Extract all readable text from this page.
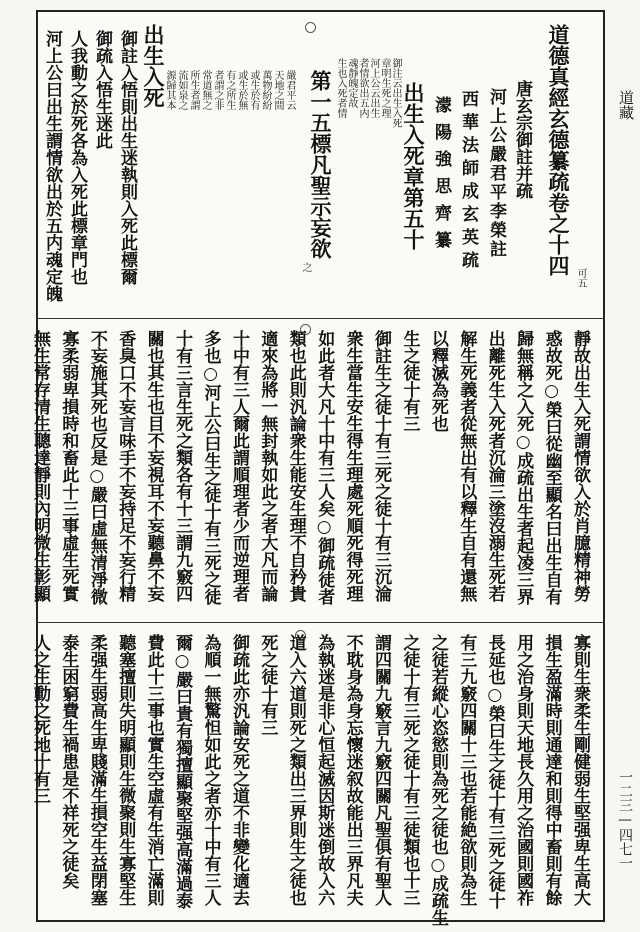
道藏
一二三—四七一
道德真經玄德纂疏卷之十四
可五
唐玄宗御註并疏
河上公嚴君平李榮註
西華法師成玄英疏
濛陽強思齊纂
出生入死章第五十
御注云出生入死
章明生死之理
河上公云出生
者情欲出五内
魂靜魄定故
生也入死者情
第一五標凡聖示妄欲
之
嚴君平云
天地之間
萬物紛紛
或生於有
或生於無
有之所生
者謂之非
常道無之
所生者謂
流如泉之
源歸其本
出生入死
御註入悟則出生迷執則入死此標爾
御疏入悟生迷此
人我動之於死各為入死此標章門也
河上公曰出生謂情欲出於五内魂定魄
靜故出生入死謂情欲入於肖臆精神勞
惑故死○榮曰從幽至顯名曰出生自有
歸無稱之入死○成疏出生者起凌三界
出離死生入死者沉淪三塗沒溺生死若
解生死義者從無出有以釋生自有還無
以釋滅為死也
生之徒十有三
御註生之徒十有三死之徒十有三沉淪
衆生當生安生得生理處死順死得死理
如此者大凡十中有三人矣○御疏徒者
類也此則汎論衆生能安生理不自矜貴
適來為將一無封執如此之者大凡而論
十中有三人爾此謂順理者少而逆理者
多也○河上公曰生之徒十有三死之徒
十有三言生死之類各有十三謂九竅四
關也其生也目不妄視耳不妄聽鼻不妄
香臭口不妄言味手不妄持足不妄行精
不妄施其死也反是○嚴曰虛無清淨微
寡柔弱卑損時和畜此十三事虛生死實
無生常存清生聰達靜則內明微生彰顯
寡則生衆柔生剛健弱生堅强卑生高大
損生盈滿時則通達和則得中畜則有餘
用之治身則天地長久用之治國則國祚
長延也○榮曰生之徒十有三死之徒十
有三九竅四關十三也若能絶欲則為生
之徒若縱心恣慾則為死之徒也○成疏生
之徒十有三死之徒十有三徒類也十三
謂四關九竅言九竅四關凡聖俱有聖人
不耽身為身忘懷迷叙故能出三界凡夫
為執迷是非心恒起滅因斯迷倒故入六
道入六道則死之類出三界則生之徒也
死之徒十有三
御疏此亦汎論安死之道不非變化適去
為順一無驚怛如此之者亦十中有三人
爾○嚴曰貴有獨擅顯聚堅强高滿過泰
費此十三事也實生空虛有生消亡滿則
聽塞擅則失明顯則生微聚則生寡堅生
柔强生弱高生卑賤滿生損空生益閉塞
泰生困窮費生禍患是不祥死之徒矣
人之生動之死地十有三
